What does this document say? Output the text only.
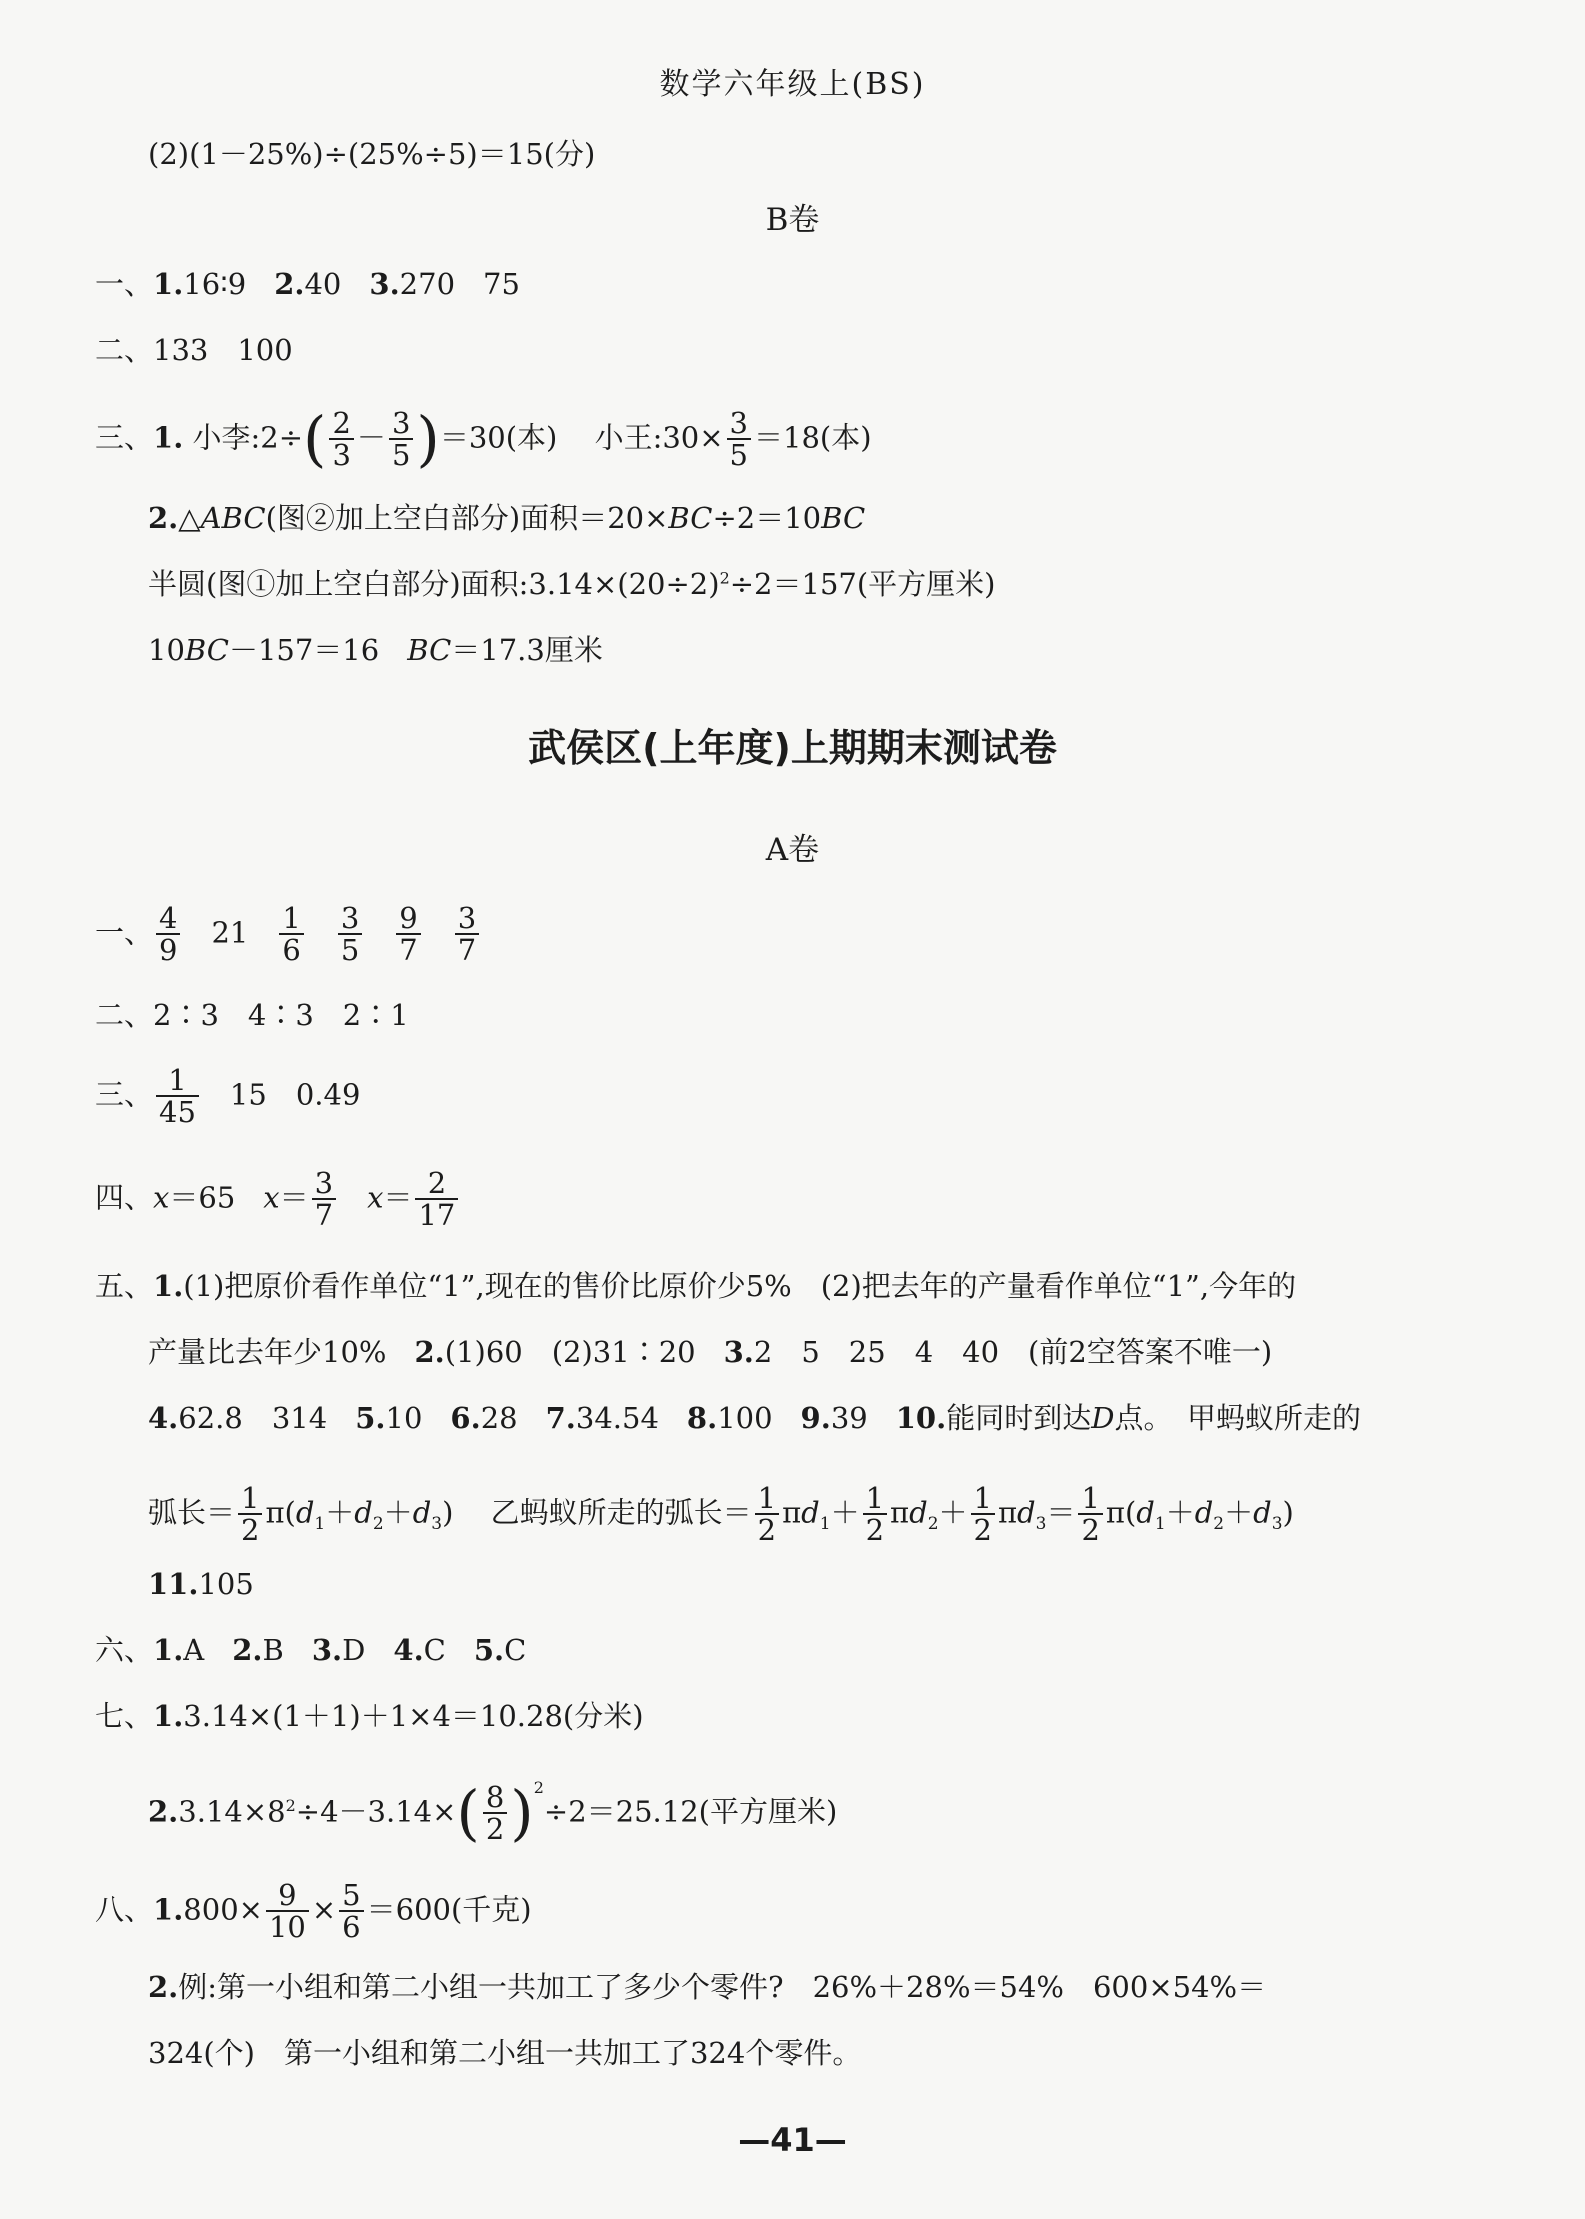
数学六年级上(BS)
(2)(1－25%)÷(25%÷5)＝15(分)
B卷
一、1.16∶9 2.40 3.270 75
二、133　100
三、1. 小李:2÷( $\frac{2}{3} - \frac{3}{5} )=30$(本) 小王:30× $\frac{3}{5} =18$(本)
2.△ABC(图②加上空白部分)面积＝20×BC÷2＝10BC
半圆(图①加上空白部分)面积$:3.14\times(20\div 2)^2\div 2=157$(平方厘米)
10BC－157＝16 BC＝17.3厘米
武侯区(上年度)上期期末测试卷
A卷
一、 $\frac{4}{9} 21 \frac{1}{6} \frac{3}{5} \frac{9}{7} \frac{3}{7}$
二、2∶3　4∶3　2∶1
三、 $\frac{1}{45} 15$　0.49
四、x＝65 $x= \frac{3}{7} x= \frac{2}{17}$
五、1.(1)把原价看作单位“1”,现在的售价比原价少5%　(2)把去年的产量看作单位“1”,今年的
产量比去年少10% 2.(1)60　(2)31∶20 3.2　5　25　4　40　(前2空答案不唯一)
4.62.8　314 5.10 6.28 7.34.54 8.100 9.39 10.能同时到达D点。　甲蚂蚁所走的
弧长＝ $\frac{1}{2} \pi(d_1+d_2+d_3)$ 乙蚂蚁所走的弧长＝ $\frac{1}{2} \pi d_1+ \frac{1}{2} \pi d_2+ \frac{1}{2} \pi d_3= \frac{1}{2} \pi(d_1+d_2+d_3)$
11.105
六、1.A 2.B 3.D 4.C 5.C
七、1.3.14×(1＋1)＋1×4＝10.28(分米)
$2.3.14\times 8^2\div 4-3.14\times( \frac{8}{2} )^2\div 2=25.12$(平方厘米)
八、$1.800\times \frac{9}{10} \times \frac{5}{6} =600$(千克)
2.例:第一小组和第二小组一共加工了多少个零件?　26%＋28%＝54%　600×54%＝
324(个)　第一小组和第二小组一共加工了324个零件。
—41—
